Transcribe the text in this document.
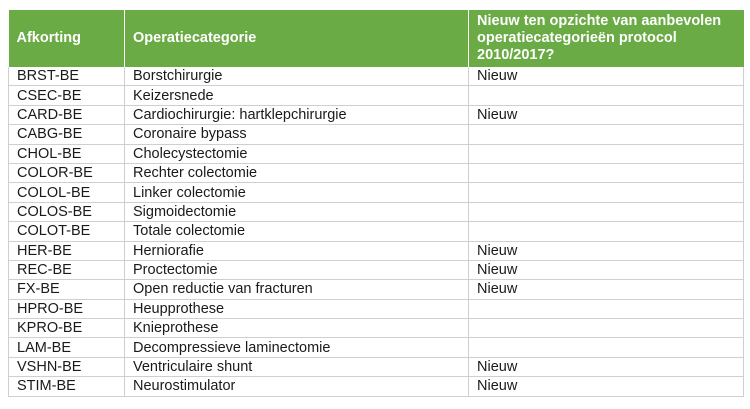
Afkorting	Operatiecategorie	Nieuw ten opzichte van aanbevolen operatiecategorieën protocol 2010/2017?
BRST-BE	Borstchirurgie	Nieuw
CSEC-BE	Keizersnede	
CARD-BE	Cardiochirurgie: hartklepchirurgie	Nieuw
CABG-BE	Coronaire bypass	
CHOL-BE	Cholecystectomie	
COLOR-BE	Rechter colectomie	
COLOL-BE	Linker colectomie	
COLOS-BE	Sigmoidectomie	
COLOT-BE	Totale colectomie	
HER-BE	Herniorafie	Nieuw
REC-BE	Proctectomie	Nieuw
FX-BE	Open reductie van fracturen	Nieuw
HPRO-BE	Heupprothese	
KPRO-BE	Knieprothese	
LAM-BE	Decompressieve laminectomie	
VSHN-BE	Ventriculaire shunt	Nieuw
STIM-BE	Neurostimulator	Nieuw
